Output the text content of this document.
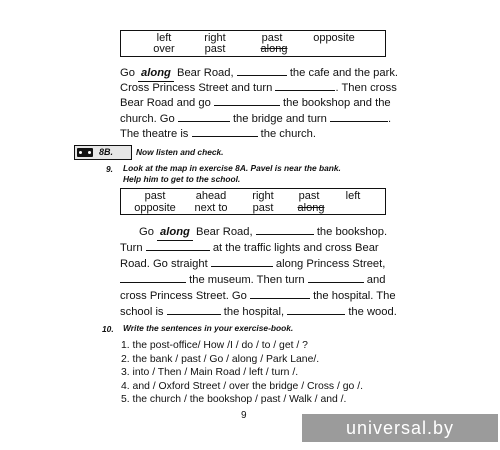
left	right	past	opposite
over	past	along
Go along Bear Road,	the cafe and the park.
Cross Princess Street and turn	. Then cross
Bear Road and go	the bookshop and the
church. Go	the bridge and turn	.
The theatre is	the church.
8B.	Now listen and check.
9. Look at the map in exercise 8A. Pavel is near the bank.
Help him to get to the school.
past	ahead	right	past	left
opposite	next to	past	along
Go along Bear Road,	the bookshop.
Turn	at the traffic lights and cross Bear
Road. Go straight	along Princess Street,
the museum. Then turn	and
cross Princess Street. Go	the hospital. The
school is	the hospital,	the wood.
10. Write the sentences in your exercise-book.
1. the post-office/ How /I / do / to / get / ?
2. the bank / past / Go / along / Park Lane/.
3. into / Then / Main Road / left / turn /.
4. and / Oxford Street / over the bridge / Cross / go /.
5. the church / the bookshop / past / Walk / and /.
9
universal.by
